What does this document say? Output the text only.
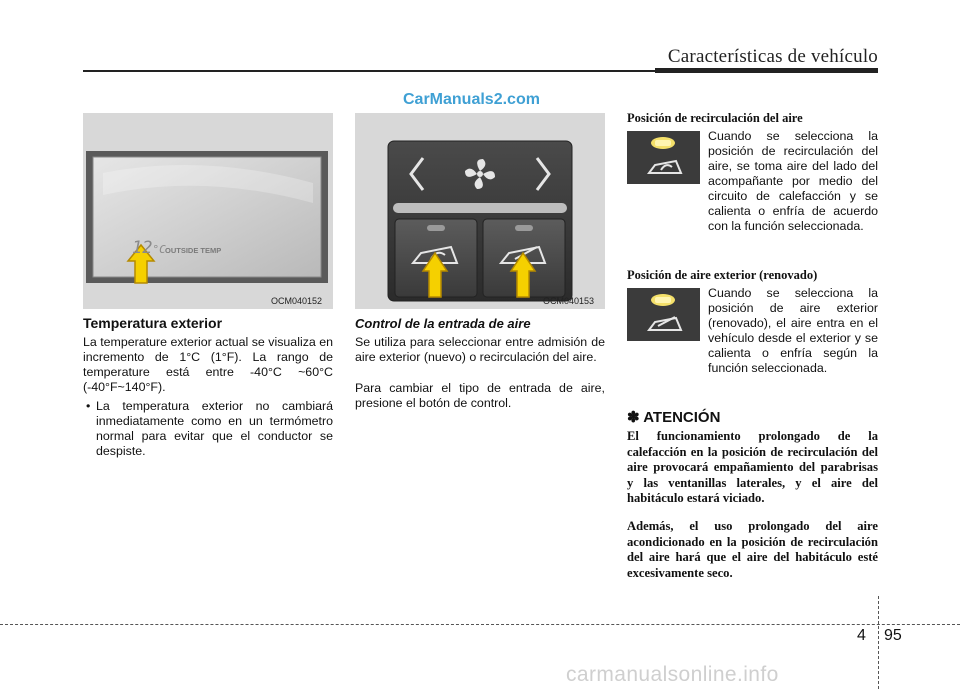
Características de vehículo
CarManuals2.com
12°C OUTSIDE TEMP
OCM040152	OCM040153
Temperatura exterior
La temperature exterior actual se visualiza en incremento de 1°C (1°F). La rango de temperature está entre -40°C ~60°C (-40°F~140°F).
• La temperatura exterior no cambiará inmediatamente como en un termómetro normal para evitar que el conductor se despiste.
Control de la entrada de aire
Se utiliza para seleccionar entre admisión de aire exterior (nuevo) o recirculación del aire.
Para cambiar el tipo de entrada de aire, presione el botón de control.
Posición de recirculación del aire
Cuando se selecciona la posición de recirculación del aire, se toma aire del lado del acompañante por medio del circuito de calefacción y se calienta o enfría de acuerdo con la función seleccionada.
Posición de aire exterior (renovado)
Cuando se selecciona la posición de aire exterior (renovado), el aire entra en el vehículo desde el exterior y se calienta o enfría según la función seleccionada.
✽ ATENCIÓN
El funcionamiento prolongado de la calefacción en la posición de recirculación del aire provocará empañamiento del parabrisas y las ventanillas laterales, y el aire del habitáculo estará viciado.
Además, el uso prolongado del aire acondicionado en la posición de recirculación del aire hará que el aire del habitáculo esté excesivamente seco.
4 95
carmanualsonline.info
